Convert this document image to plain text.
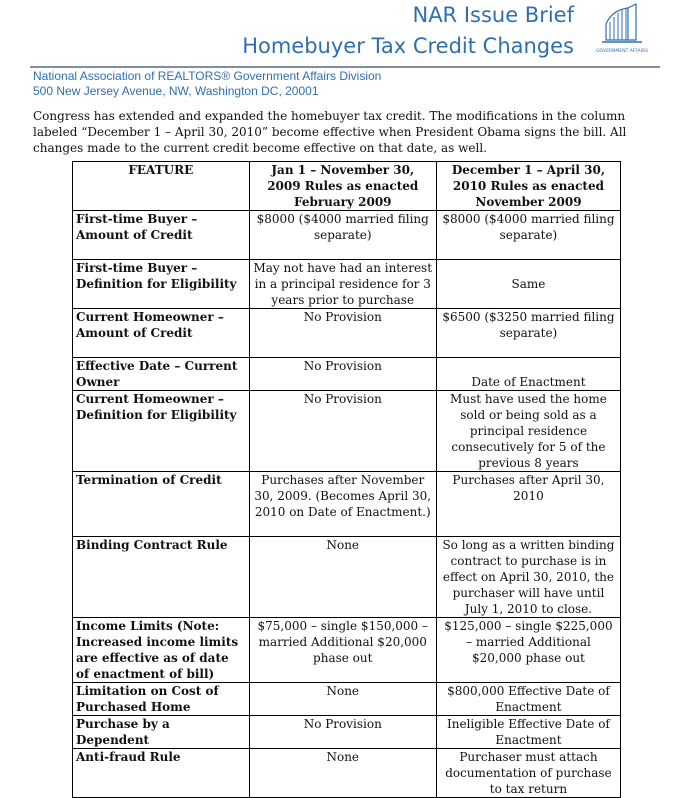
NAR Issue Brief
Homebuyer Tax Credit Changes	GOVERNMENT AFFAIRS
National Association of REALTORS® Government Affairs Division
500 New Jersey Avenue, NW, Washington DC, 20001
Congress has extended and expanded the homebuyer tax credit. The modifications in the column labeled “December 1 – April 30, 2010” become effective when President Obama signs the bill. All changes made to the current credit become effective on that date, as well.
FEATURE	Jan 1 – November 30, 2009 Rules as enacted February 2009	December 1 – April 30, 2010 Rules as enacted November 2009
First-time Buyer – Amount of Credit	$8000 ($4000 married filing separate)	$8000 ($4000 married filing separate)
First-time Buyer – Definition for Eligibility	May not have had an interest in a principal residence for 3 years prior to purchase	Same
Current Homeowner – Amount of Credit	No Provision	$6500 ($3250 married filing separate)
Effective Date – Current Owner	No Provision	Date of Enactment
Current Homeowner – Definition for Eligibility	No Provision	Must have used the home sold or being sold as a principal residence consecutively for 5 of the previous 8 years
Termination of Credit	Purchases after November 30, 2009. (Becomes April 30, 2010 on Date of Enactment.)	Purchases after April 30, 2010
Binding Contract Rule	None	So long as a written binding contract to purchase is in effect on April 30, 2010, the purchaser will have until July 1, 2010 to close.
Income Limits (Note: Increased income limits are effective as of date of enactment of bill)	$75,000 – single $150,000 – married Additional $20,000 phase out	$125,000 – single $225,000 – married Additional $20,000 phase out
Limitation on Cost of Purchased Home	None	$800,000 Effective Date of Enactment
Purchase by a Dependent	No Provision	Ineligible Effective Date of Enactment
Anti-fraud Rule	None	Purchaser must attach documentation of purchase to tax return
